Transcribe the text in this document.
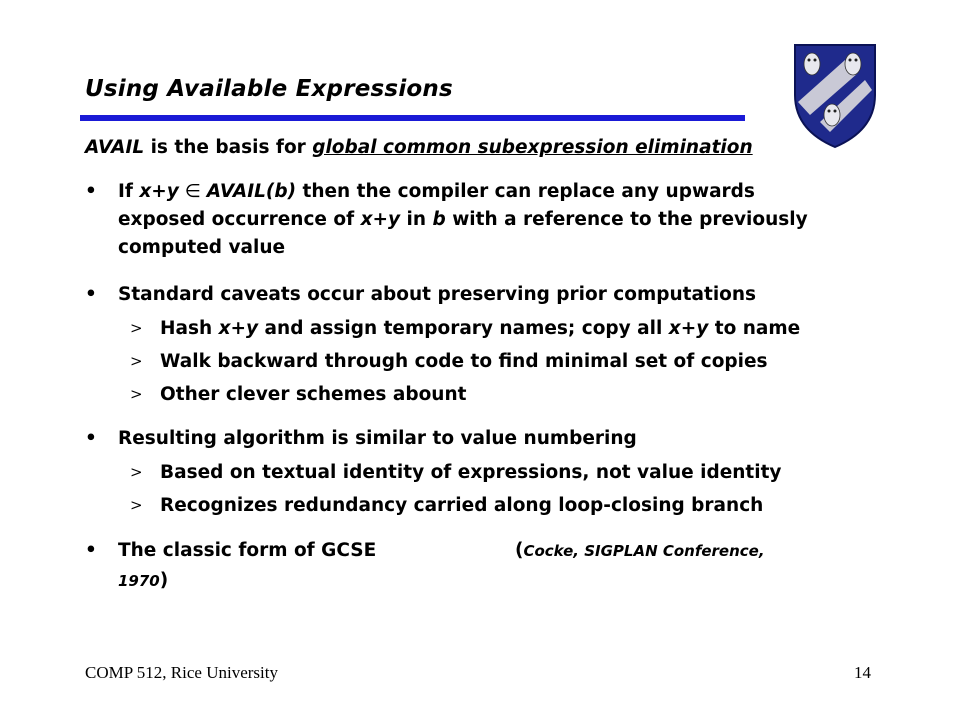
Using Available Expressions
AVAIL is the basis for global common subexpression elimination
• If x+y ∈ AVAIL(b) then the compiler can replace any upwards
exposed occurrence of x+y in b with a reference to the previously
computed value
• Standard caveats occur about preserving prior computations
> Hash x+y and assign temporary names; copy all x+y to name
> Walk backward through code to find minimal set of copies
> Other clever schemes abount
• Resulting algorithm is similar to value numbering
> Based on textual identity of expressions, not value identity
> Recognizes redundancy carried along loop-closing branch
• The classic form of GCSE	(Cocke, SIGPLAN Conference,
1970)
COMP 512, Rice University	14
